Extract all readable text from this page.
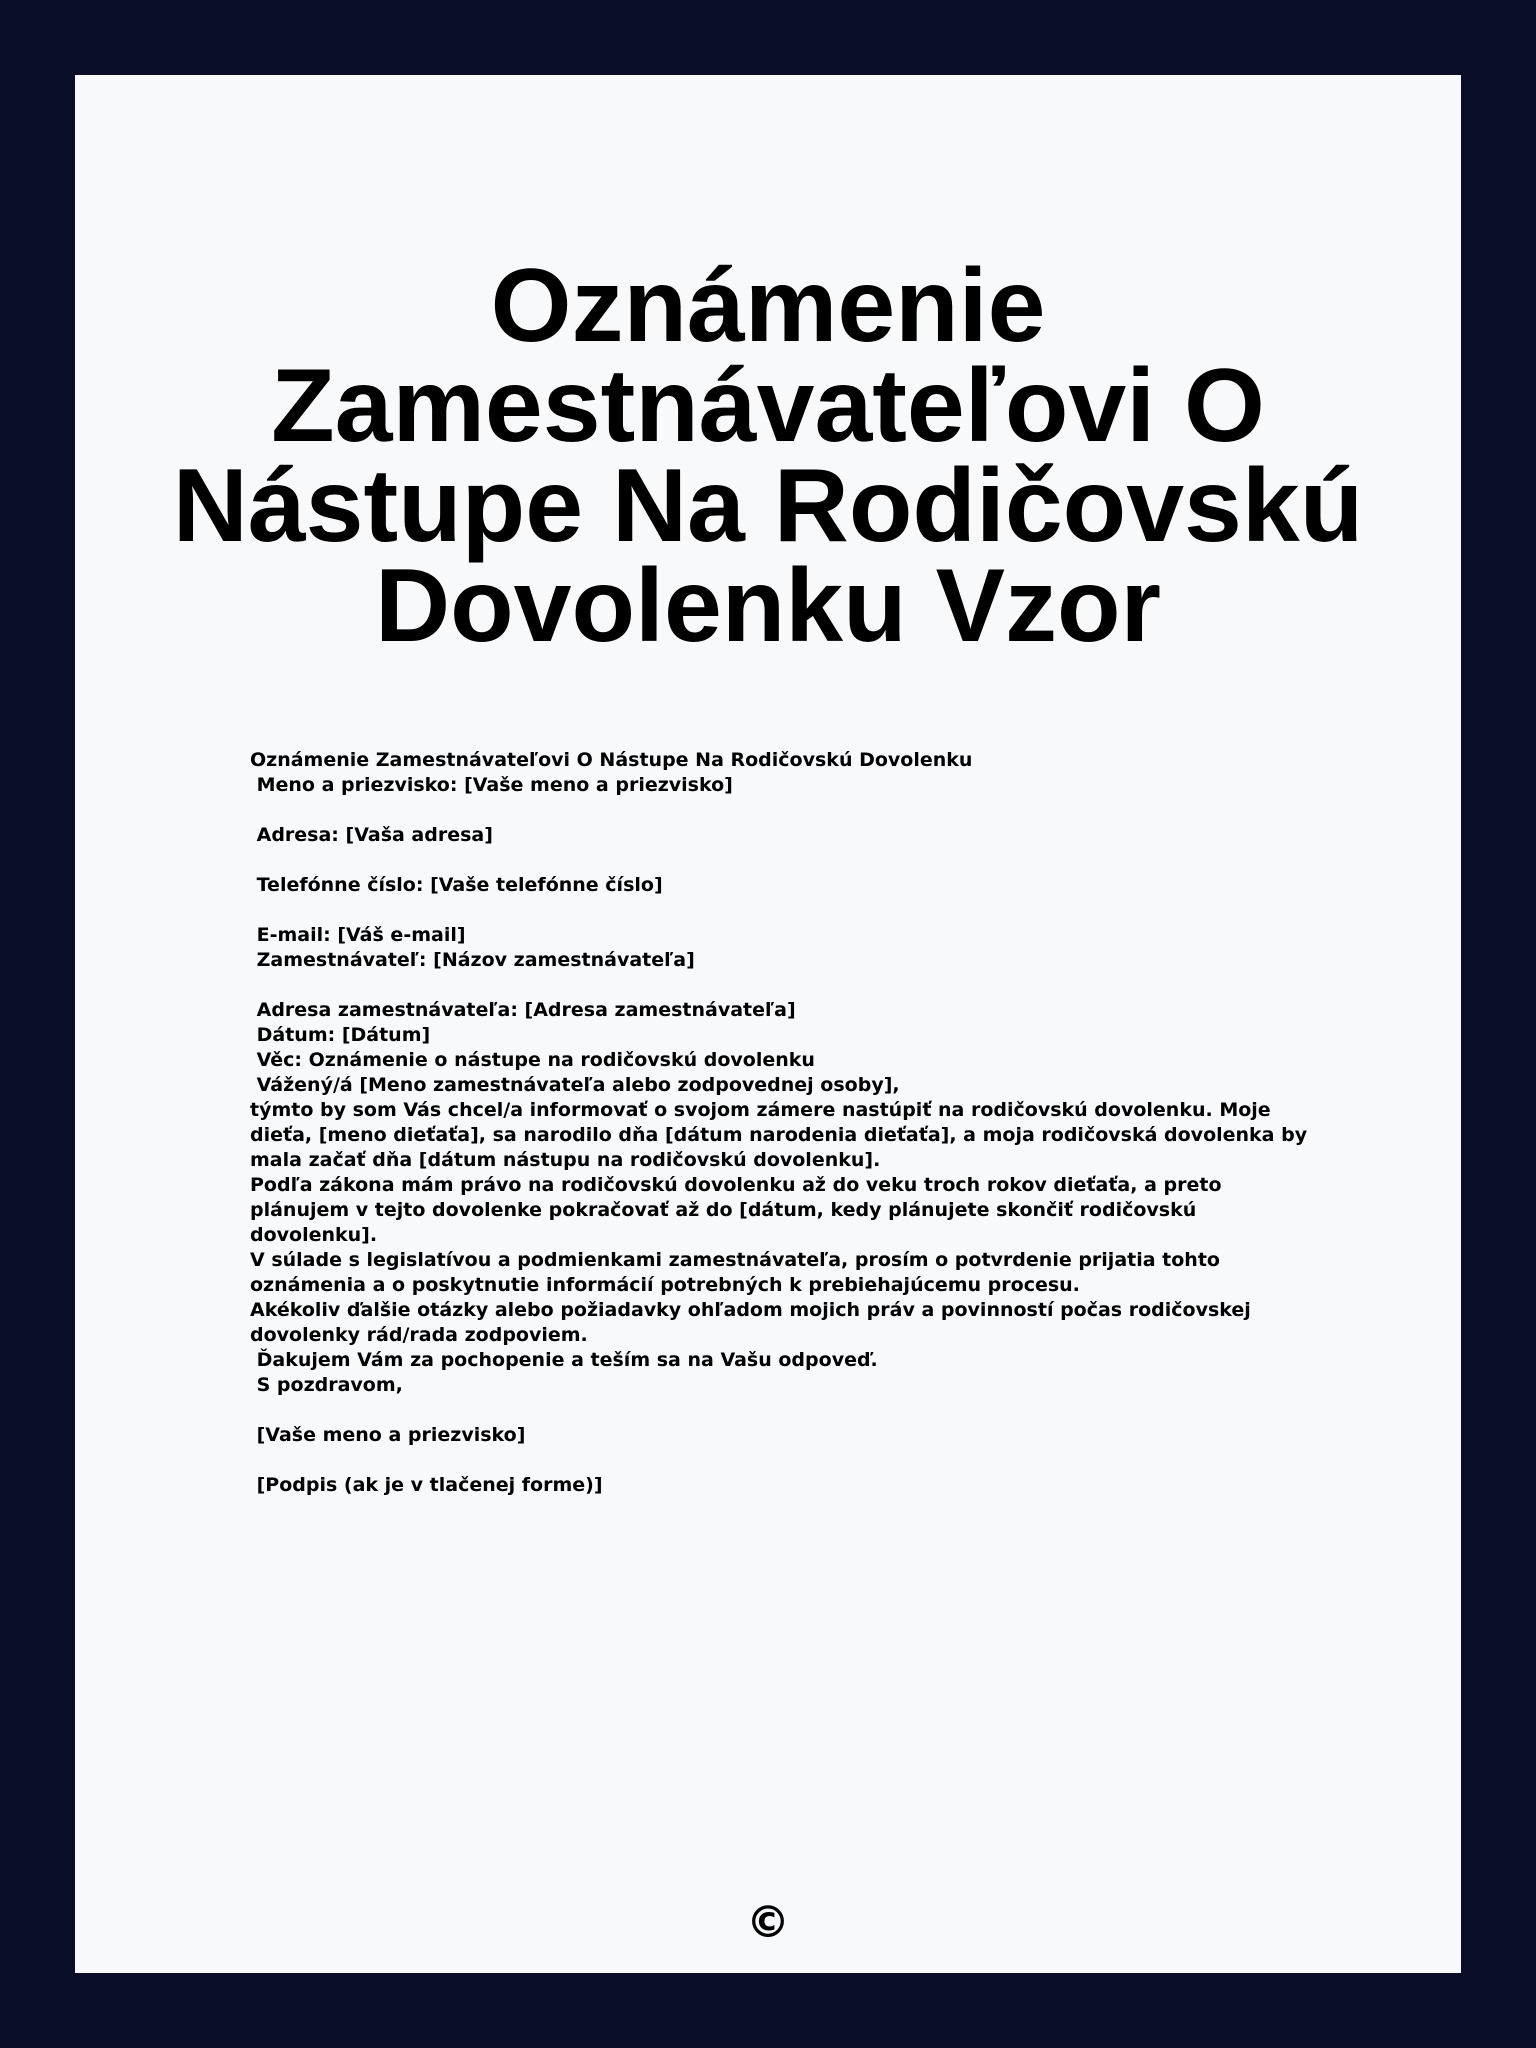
Oznámenie Zamestnávateľovi O Nástupe Na Rodičovskú Dovolenku Vzor
Oznámenie Zamestnávateľovi O Nástupe Na Rodičovskú Dovolenku
Meno a priezvisko: [Vaše meno a priezvisko]
Adresa: [Vaša adresa]
Telefónne číslo: [Vaše telefónne číslo]
E-mail: [Váš e-mail]
Zamestnávateľ: [Názov zamestnávateľa]
Adresa zamestnávateľa: [Adresa zamestnávateľa]
Dátum: [Dátum]
Věc: Oznámenie o nástupe na rodičovskú dovolenku
Vážený/á [Meno zamestnávateľa alebo zodpovednej osoby],
týmto by som Vás chcel/a informovať o svojom zámere nastúpiť na rodičovskú dovolenku. Moje dieťa, [meno dieťaťa], sa narodilo dňa [dátum narodenia dieťaťa], a moja rodičovská dovolenka by mala začať dňa [dátum nástupu na rodičovskú dovolenku].
Podľa zákona mám právo na rodičovskú dovolenku až do veku troch rokov dieťaťa, a preto plánujem v tejto dovolenke pokračovať až do [dátum, kedy plánujete skončiť rodičovskú dovolenku].
V súlade s legislatívou a podmienkami zamestnávateľa, prosím o potvrdenie prijatia tohto oznámenia a o poskytnutie informácií potrebných k prebiehajúcemu procesu.
Akékoliv ďalšie otázky alebo požiadavky ohľadom mojich práv a povinností počas rodičovskej dovolenky rád/rada zodpoviem.
Ďakujem Vám za pochopenie a teším sa na Vašu odpoveď.
S pozdravom,
[Vaše meno a priezvisko]
[Podpis (ak je v tlačenej forme)]
©
